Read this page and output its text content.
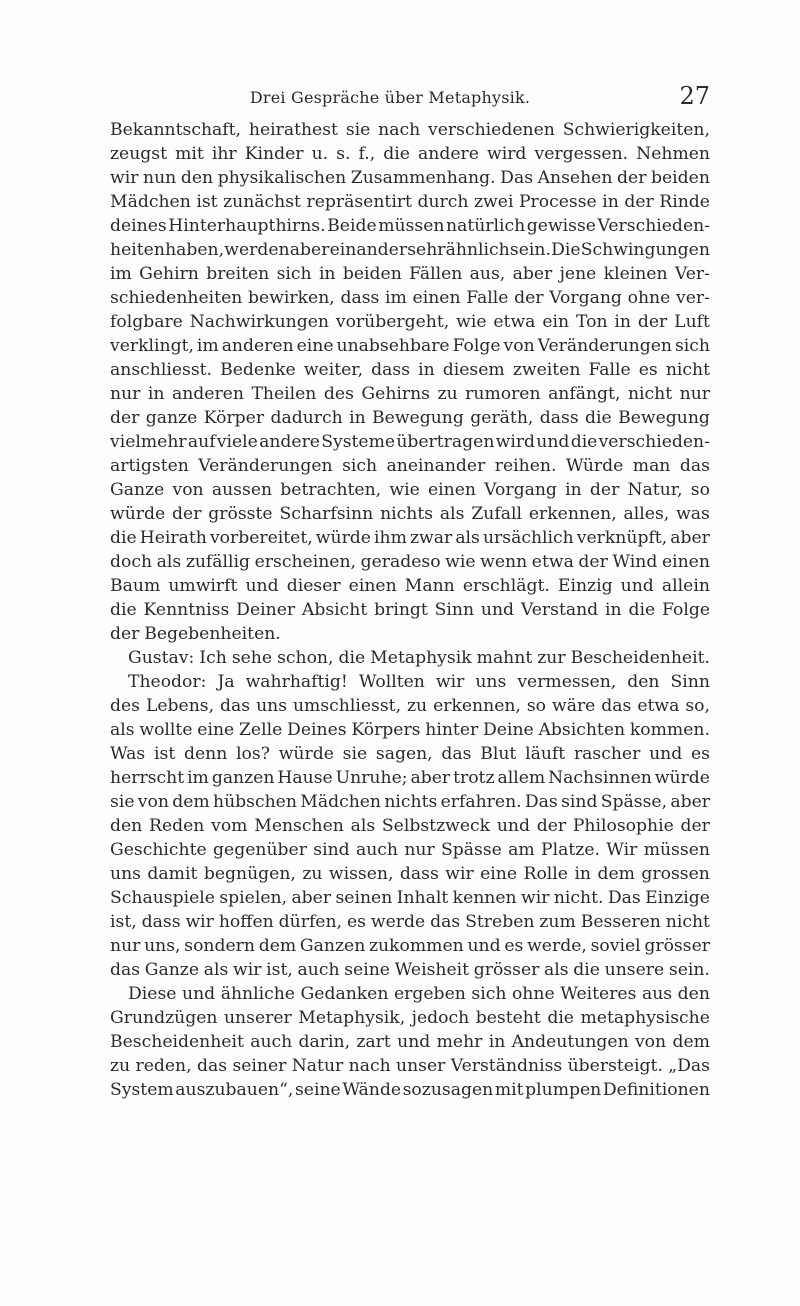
Drei Gespräche über Metaphysik.	27
Bekanntschaft, heirathest sie nach verschiedenen Schwierigkeiten,
zeugst mit ihr Kinder u. s. f., die andere wird vergessen. Nehmen
wir nun den physikalischen Zusammenhang. Das Ansehen der beiden
Mädchen ist zunächst repräsentirt durch zwei Processe in der Rinde
deines Hinterhaupthirns. Beide müssen natürlich gewisse Verschieden-
heiten haben, werden aber einander sehr ähnlich sein. Die Schwingungen
im Gehirn breiten sich in beiden Fällen aus, aber jene kleinen Ver-
schiedenheiten bewirken, dass im einen Falle der Vorgang ohne ver-
folgbare Nachwirkungen vorübergeht, wie etwa ein Ton in der Luft
verklingt, im anderen eine unabsehbare Folge von Veränderungen sich
anschliesst. Bedenke weiter, dass in diesem zweiten Falle es nicht
nur in anderen Theilen des Gehirns zu rumoren anfängt, nicht nur
der ganze Körper dadurch in Bewegung geräth, dass die Bewegung
vielmehr auf viele andere Systeme übertragen wird und die verschieden-
artigsten Veränderungen sich aneinander reihen. Würde man das
Ganze von aussen betrachten, wie einen Vorgang in der Natur, so
würde der grösste Scharfsinn nichts als Zufall erkennen, alles, was
die Heirath vorbereitet, würde ihm zwar als ursächlich verknüpft, aber
doch als zufällig erscheinen, geradeso wie wenn etwa der Wind einen
Baum umwirft und dieser einen Mann erschlägt. Einzig und allein
die Kenntniss Deiner Absicht bringt Sinn und Verstand in die Folge
der Begebenheiten.
Gustav: Ich sehe schon, die Metaphysik mahnt zur Bescheidenheit.
Theodor: Ja wahrhaftig! Wollten wir uns vermessen, den Sinn
des Lebens, das uns umschliesst, zu erkennen, so wäre das etwa so,
als wollte eine Zelle Deines Körpers hinter Deine Absichten kommen.
Was ist denn los? würde sie sagen, das Blut läuft rascher und es
herrscht im ganzen Hause Unruhe; aber trotz allem Nachsinnen würde
sie von dem hübschen Mädchen nichts erfahren. Das sind Spässe, aber
den Reden vom Menschen als Selbstzweck und der Philosophie der
Geschichte gegenüber sind auch nur Spässe am Platze. Wir müssen
uns damit begnügen, zu wissen, dass wir eine Rolle in dem grossen
Schauspiele spielen, aber seinen Inhalt kennen wir nicht. Das Einzige
ist, dass wir hoffen dürfen, es werde das Streben zum Besseren nicht
nur uns, sondern dem Ganzen zukommen und es werde, soviel grösser
das Ganze als wir ist, auch seine Weisheit grösser als die unsere sein.
Diese und ähnliche Gedanken ergeben sich ohne Weiteres aus den
Grundzügen unserer Metaphysik, jedoch besteht die metaphysische
Bescheidenheit auch darin, zart und mehr in Andeutungen von dem
zu reden, das seiner Natur nach unser Verständniss übersteigt. „Das
System auszubauen“, seine Wände sozusagen mit plumpen Definitionen
